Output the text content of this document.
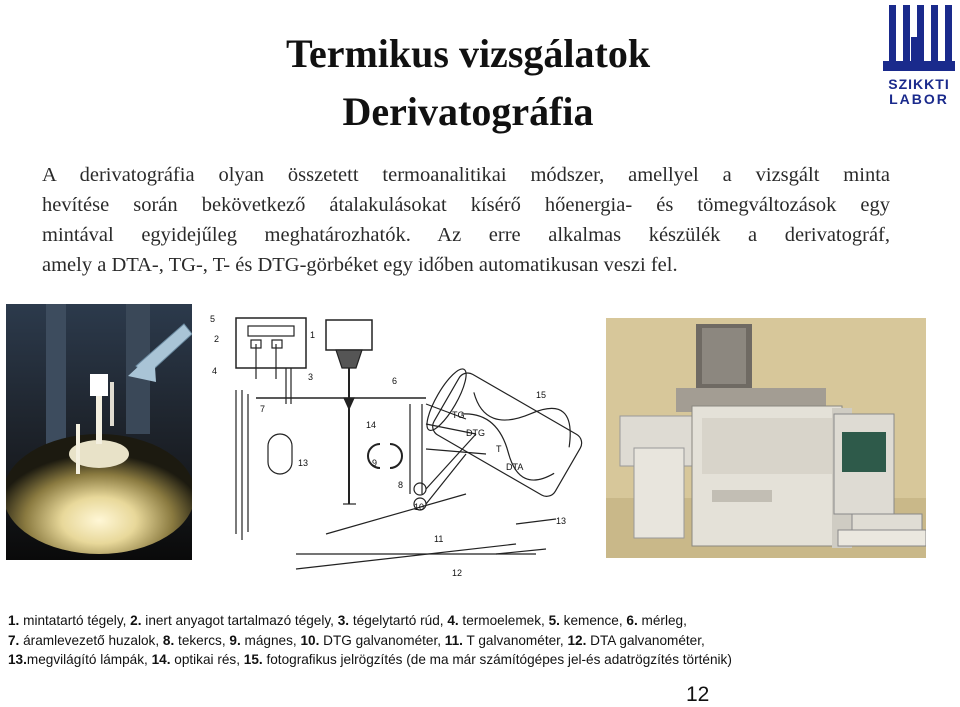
Termikus vizsgálatok
Derivatográfia
SZIKKTI
LABOR
A derivatográfia olyan összetett termoanalitikai módszer, amellyel a vizsgált minta
hevítése során bekövetkező átalakulásokat kísérő hőenergia- és tömegváltozások egy
mintával egyidejűleg meghatározhatók. Az erre alkalmas készülék a derivatográf,
amely a DTA-, TG-, T- és DTG-görbéket egy időben automatikusan veszi fel.
1
2
3
4
5
6
7
8
9
10
11
12
13
14
15
13
TG
DTG
T
DTA
1. mintatartó tégely, 2. inert anyagot tartalmazó tégely, 3. tégelytartó rúd, 4. termoelemek, 5. kemence, 6. mérleg,
7. áramlevezető huzalok, 8. tekercs, 9. mágnes, 10. DTG galvanométer, 11. T galvanométer, 12. DTA galvanométer,
13.megvilágító lámpák, 14. optikai rés, 15. fotografikus jelrögzítés (de ma már számítógépes jel-és adatrögzítés történik)
12
